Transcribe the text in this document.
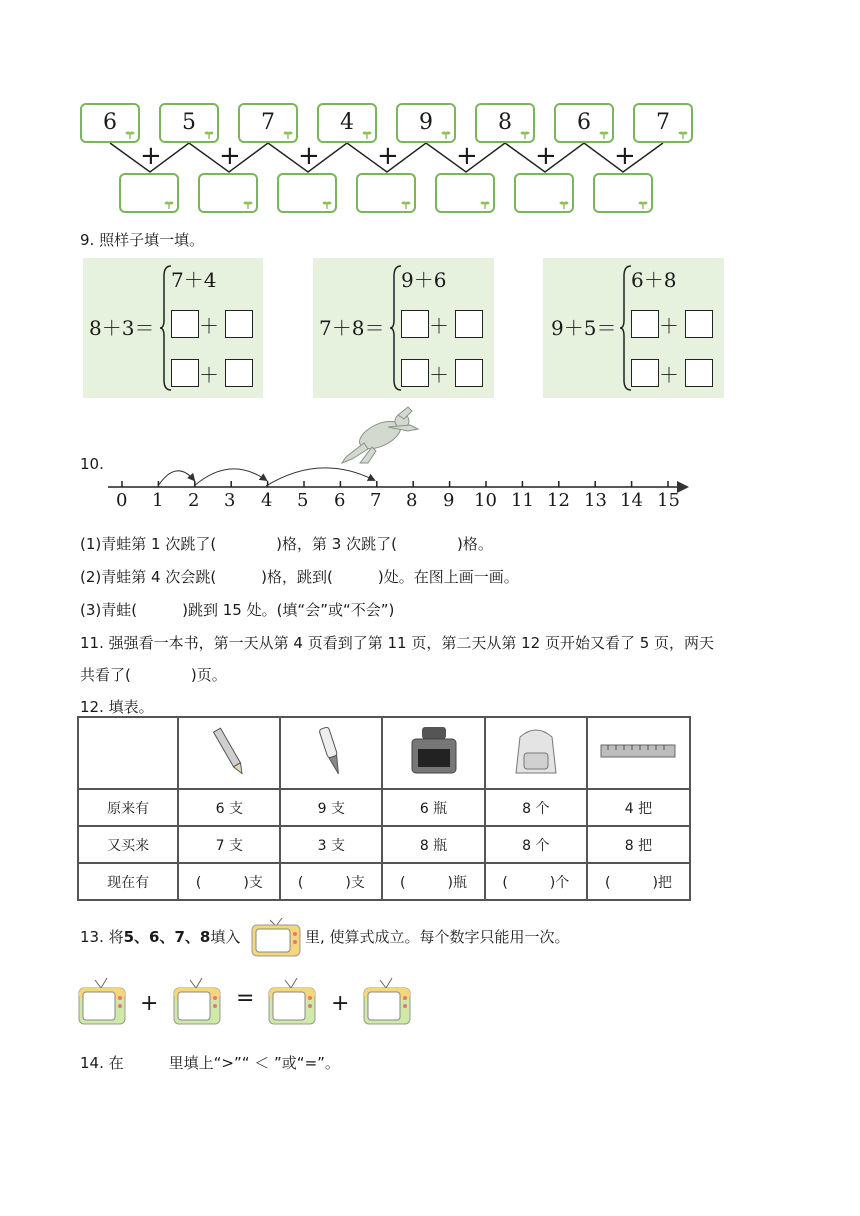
6	5	7	4	9	8	6	7
+ + + + + + +
9. 照样子填一填。
8＋3＝
7＋4
＋
＋
7＋8＝
9＋6
＋
＋
9＋5＝
6＋8
＋
＋
10.
0 1 2 3 4 5 6 7 8 9 10 11 12 13 14 15
(1)青蛙第 1 次跳了(　　　　)格，第 3 次跳了(　　　　)格。
(2)青蛙第 4 次会跳(　　　)格，跳到(　　　)处。在图上画一画。
(3)青蛙(　　　)跳到 15 处。(填“会”或“不会”)
11. 强强看一本书，第一天从第 4 页看到了第 11 页，第二天从第 12 页开始又看了 5 页，两天
共看了(　　　　)页。
12. 填表。

原来有	6 支	9 支	6 瓶	8 个	4 把
又买来	7 支	3 支	8 瓶	8 个	8 把
现在有	(　　　)支	(　　　)支	(　　　)瓶	(　　　)个	(　　　)把
13. 将5、6、7、8填入	里, 使算式成立。每个数字只能用一次。
+	=	+
14. 在　　　里填上“>”“ ＜ ”或“=”。
